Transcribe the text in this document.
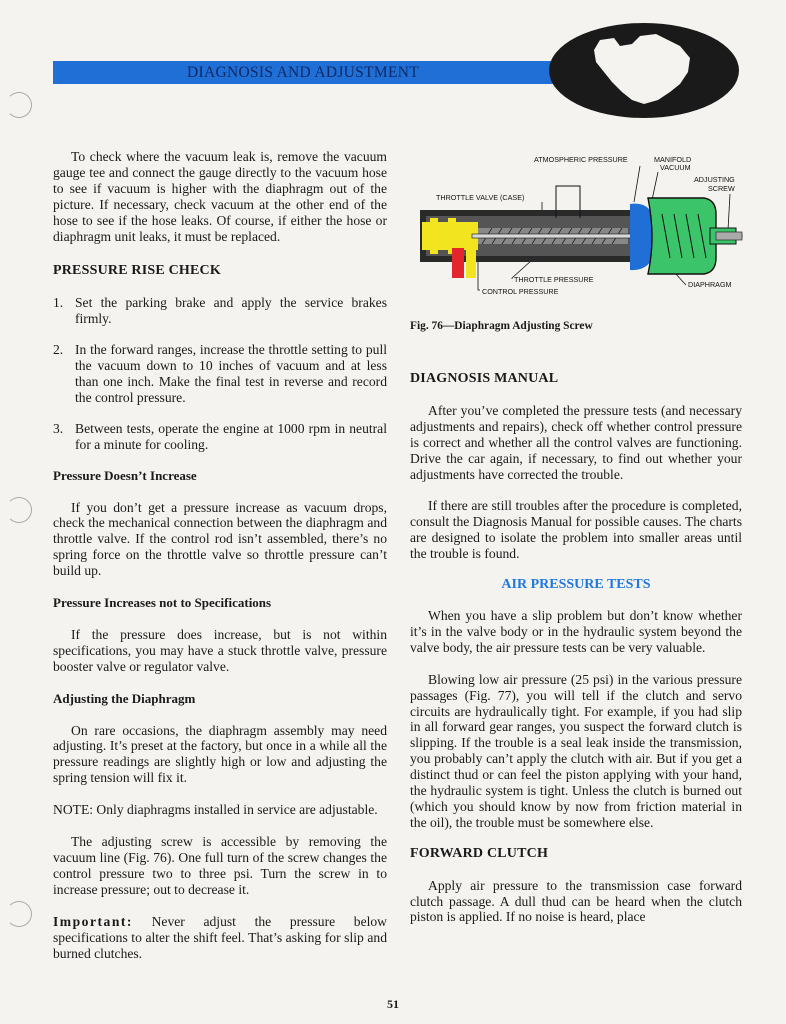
DIAGNOSIS AND ADJUSTMENT

To check where the vacuum leak is, remove the vacuum gauge tee and connect the gauge directly to the vacuum hose to see if vacuum is higher with the diaphragm out of the picture. If necessary, check vacuum at the other end of the hose to see if the hose leaks. Of course, if either the hose or diaphragm unit leaks, it must be replaced.

PRESSURE RISE CHECK
1. Set the parking brake and apply the service brakes firmly.
2. In the forward ranges, increase the throttle setting to pull the vacuum down to 10 inches of vacuum and at less than one inch. Make the final test in reverse and record the control pressure.
3. Between tests, operate the engine at 1000 rpm in neutral for a minute for cooling.
Pressure Doesn’t Increase

If you don’t get a pressure increase as vacuum drops, check the mechanical connection between the diaphragm and throttle valve. If the control rod isn’t assembled, there’s no spring force on the throttle valve so throttle pressure can’t build up.

Pressure Increases not to Specifications

If the pressure does increase, but is not within specifications, you may have a stuck throttle valve, pressure booster valve or regulator valve.

Adjusting the Diaphragm

On rare occasions, the diaphragm assembly may need adjusting. It’s preset at the factory, but once in a while all the pressure readings are slightly high or low and adjusting the spring tension will fix it.

NOTE: Only diaphragms installed in service are adjustable.

The adjusting screw is accessible by removing the vacuum line (Fig. 76). One full turn of the screw changes the control pressure two to three psi. Turn the screw in to increase pressure; out to decrease it.

Important: Never adjust the pressure below specifications to alter the shift feel. That’s asking for slip and burned clutches.

ATMOSPHERIC PRESSURE	MANIFOLD
VACUUM
ADJUSTING
SCREW
THROTTLE VALVE (CASE)
THROTTLE PRESSURE
CONTROL PRESSURE
DIAPHRAGM
Fig. 76—Diaphragm Adjusting Screw
DIAGNOSIS MANUAL

After you’ve completed the pressure tests (and necessary adjustments and repairs), check off whether control pressure is correct and whether all the control valves are functioning. Drive the car again, if necessary, to find out whether your adjustments have corrected the trouble.

If there are still troubles after the procedure is completed, consult the Diagnosis Manual for possible causes. The charts are designed to isolate the problem into smaller areas until the trouble is found.

AIR PRESSURE TESTS

When you have a slip problem but don’t know whether it’s in the valve body or in the hydraulic system beyond the valve body, the air pressure tests can be very valuable.

Blowing low air pressure (25 psi) in the various pressure passages (Fig. 77), you will tell if the clutch and servo circuits are hydraulically tight. For example, if you had slip in all forward gear ranges, you suspect the forward clutch is slipping. If the trouble is a seal leak inside the transmission, you probably can’t apply the clutch with air. But if you get a distinct thud or can feel the piston applying with your hand, the hydraulic system is tight. Unless the clutch is burned out (which you should know by now from friction material in the oil), the trouble must be somewhere else.

FORWARD CLUTCH

Apply air pressure to the transmission case forward clutch passage. A dull thud can be heard when the clutch piston is applied. If no noise is heard, place

51
